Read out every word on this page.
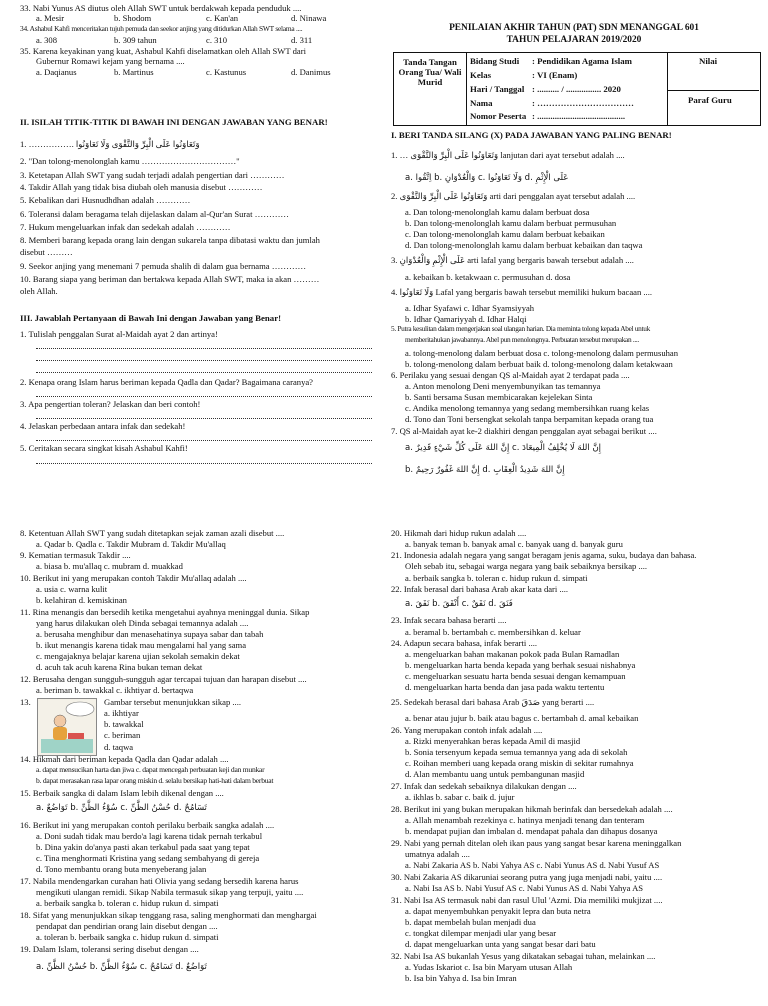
33. Nabi Yunus AS diutus oleh Allah SWT untuk berdakwah kepada penduduk ....
a. Mesir	b. Shodom	c. Kan'an	d. Ninawa
34. Ashabul Kahfi menceritakan tujuh pemuda dan seekor anjing yang ditidurkan Allah SWT selama ....
a. 308	b. 309 tahun	c. 310	d. 311
35. Karena keyakinan yang kuat, Ashabul Kahfi diselamatkan oleh Allah SWT dari
Gubernur Romawi kejam yang bernama ....
a. Daqianus	b. Martinus	c. Kastunus	d. Danimus
II. ISILAH TITIK-TITIK DI BAWAH INI DENGAN JAWABAN YANG BENAR!
1. ……………. وَتَعَاوَنُوا عَلَى الْبِرِّ وَالتَّقْوَى وَلَا تَعَاوَنُوا
2. "Dan tolong-menolonglah kamu ……………………………"
3. Ketetapan Allah SWT yang sudah terjadi adalah pengertian dari …………
4. Takdir Allah yang tidak bisa diubah oleh manusia disebut …………
5. Kebalikan dari Husnudhdhan adalah …………
6. Toleransi dalam beragama telah dijelaskan dalam al-Qur'an Surat …………
7. Hukum mengeluarkan infak dan sedekah adalah …………
8. Memberi barang kepada orang lain dengan sukarela tanpa dibatasi waktu dan jumlah
disebut ………
9. Seekor anjing yang menemani 7 pemuda shalih di dalam gua bernama …………
10. Barang siapa yang beriman dan bertakwa kepada Allah SWT, maka ia akan ………
oleh Allah.
III. Jawablah Pertanyaan di Bawah Ini dengan Jawaban yang Benar!
1. Tulislah penggalan Surat al-Maidah ayat 2 dan artinya!
2. Kenapa orang Islam harus beriman kepada Qadla dan Qadar? Bagaimana caranya?
3. Apa pengertian toleran? Jelaskan dan beri contoh!
4. Jelaskan perbedaan antara infak dan sedekah!
5. Ceritakan secara singkat kisah Ashabul Kahfi!
PENILAIAN AKHIR TAHUN (PAT) SDN MENANGGAL 601
TAHUN PELAJARAN 2019/2020
Tanda Tangan Orang Tua/ Wali Murid
Bidang Studi : Pendidikan Agama Islam
Kelas	: VI (Enam)
Hari / Tanggal : .......... / ................ 2020
Nama	: ……………………………
Nomor Peserta : ........................................
Nilai
Paraf Guru
I. BERI TANDA SILANG (X) PADA JAWABAN YANG PALING BENAR!
1. … وَتَعَاوَنُوا عَلَى الْبِرِّ وَالتَّقْوَى lanjutan dari ayat tersebut adalah ....
a. اِتَّقُوا b. وَالْعُدْوَانِ c. وَلَا تَعَاوَنُوا d. عَلَى الْإِثْمِ
2. وَتَعَاوَنُوا عَلَى الْبِرِّ وَالتَّقْوَى arti dari penggalan ayat tersebut adalah ....
a. Dan tolong-menolonglah kamu dalam berbuat dosa
b. Dan tolong-menolonglah kamu dalam berbuat permusuhan
c. Dan tolong-menolonglah kamu dalam berbuat kebaikan
d. Dan tolong-menolonglah kamu dalam berbuat kebaikan dan taqwa
3. عَلَى الْإِثْمِ وَالْعُدْوَانِ arti lafal yang bergaris bawah tersebut adalah ....
a. kebaikan b. ketakwaan c. permusuhan d. dosa
4. وَلَا تَعَاوَنُوا Lafal yang bergaris bawah tersebut memiliki hukum bacaan ....
a. Idhar Syafawi c. Idhar Syamsiyyah
b. Idhar Qamariyyah d. Idhar Halqi
5. Putra kesulitan dalam mengerjakan soal ulangan harian. Dia meminta tolong kepada Abel untuk
memberitahukan jawabannya. Abel pun menolongnya. Perbuatan tersebut merupakan ....
a. tolong-menolong dalam berbuat dosa c. tolong-menolong dalam permusuhan
b. tolong-menolong dalam berbuat baik d. tolong-menolong dalam ketakwaan
6. Perilaku yang sesuai dengan QS al-Maidah ayat 2 terdapat pada ....
a. Anton menolong Deni menyembunyikan tas temannya
b. Santi bersama Susan membicarakan kejelekan Sinta
c. Andika menolong temannya yang sedang membersihkan ruang kelas
d. Tono dan Toni bersengkat sekolah tanpa berpamitan kepada orang tua
7. QS al-Maidah ayat ke-2 diakhiri dengan penggalan ayat sebagai berikut ....
a. إِنَّ اللهَ عَلَى كُلِّ شَيْءٍ قَدِيرٌ c. إِنَّ اللهَ لَا يُخْلِفُ الْمِيعَادَ
b. إِنَّ اللهَ غَفُورٌ رَحِيمٌ d. إِنَّ اللهَ شَدِيدُ الْعِقَابِ
8. Ketentuan Allah SWT yang sudah ditetapkan sejak zaman azali disebut ....
a. Qadar b. Qadla c. Takdir Mubram d. Takdir Mu'allaq
9. Kematian termasuk Takdir ....
a. biasa b. mu'allaq c. mubram d. muakkad
10. Berikut ini yang merupakan contoh Takdir Mu'allaq adalah ....
a. usia c. warna kulit
b. kelahiran d. kemiskinan
11. Rina menangis dan bersedih ketika mengetahui ayahnya meninggal dunia. Sikap
yang harus dilakukan oleh Dinda sebagai temannya adalah ....
a. berusaha menghibur dan menasehatinya supaya sabar dan tabah
b. ikut menangis karena tidak mau mengalami hal yang sama
c. mengajaknya belajar karena ujian sekolah semakin dekat
d. acuh tak acuh karena Rina bukan teman dekat
12. Berusaha dengan sungguh-sungguh agar tercapai tujuan dan harapan disebut ....
a. beriman b. tawakkal c. ikhtiyar d. bertaqwa
13.	Gambar tersebut menunjukkan sikap ....
a. ikhtiyar
b. tawakkal
c. beriman
d. taqwa
14. Hikmah dari beriman kepada Qadla dan Qadar adalah ....
a. dapat mensucikan harta dan jiwa c. dapat mencegah perbuatan keji dan munkar
b. dapat merasakan rasa lapar orang miskin d. selalu bersikap hati-hati dalam berbuat
15. Berbaik sangka di dalam Islam lebih dikenal dengan ....
a. تَوَاضُعٌ b. سُوْءُ الظَّنِّ c. حُسْنُ الظَّنِّ d. تَسَامُحٌ
16. Berikut ini yang merupakan contoh perilaku berbaik sangka adalah ....
a. Doni sudah tidak mau berdo'a lagi karena tidak pernah terkabul
b. Dina yakin do'anya pasti akan terkabul pada saat yang tepat
c. Tina menghormati Kristina yang sedang sembahyang di gereja
d. Tono membantu orang buta menyeberang jalan
17. Nabila mendengarkan curahan hati Olivia yang sedang bersedih karena harus
mengikuti ulangan remidi. Sikap Nabila termasuk sikap yang terpuji, yaitu ....
a. berbaik sangka b. toleran c. hidup rukun d. simpati
18. Sifat yang menunjukkan sikap tenggang rasa, saling menghormati dan menghargai
pendapat dan pendirian orang lain disebut dengan ....
a. toleran b. berbaik sangka c. hidup rukun d. simpati
19. Dalam Islam, toleransi sering disebut dengan ....
a. حُسْنُ الظَّنِّ b. سُوْءُ الظَّنِّ c. تَسَامُحٌ d. تَوَاضُعٌ
20. Hikmah dari hidup rukun adalah ....
a. banyak teman b. banyak amal c. banyak uang d. banyak guru
21. Indonesia adalah negara yang sangat beragam jenis agama, suku, budaya dan bahasa.
Oleh sebab itu, sebagai warga negara yang baik sebaiknya bersikap ....
a. berbaik sangka b. toleran c. hidup rukun d. simpati
22. Infak berasal dari bahasa Arab akar kata dari ....
a. نَفَقَ b. أَنْفَقَ c. نَفَقٌ d. فَنَقَ
23. Infak secara bahasa berarti ....
a. beramal b. bertambah c. membersihkan d. keluar
24. Adapun secara bahasa, infak berarti ....
a. mengeluarkan bahan makanan pokok pada Bulan Ramadlan
b. mengeluarkan harta benda kepada yang berhak sesuai nishabnya
c. mengeluarkan sesuatu harta benda sesuai dengan kemampuan
d. mengeluarkan harta benda dan jasa pada waktu tertentu
25. Sedekah berasal dari bahasa Arab صَدَقَ yang berarti ....
a. benar atau jujur b. baik atau bagus c. bertambah d. amal kebaikan
26. Yang merupakan contoh infak adalah ....
a. Rizki menyerahkan beras kepada Amil di masjid
b. Sonia tersenyum kepada semua temannya yang ada di sekolah
c. Roihan memberi uang kepada orang miskin di sekitar rumahnya
d. Alan membantu uang untuk pembangunan masjid
27. Infak dan sedekah sebaiknya dilakukan dengan ....
a. ikhlas b. sabar c. baik d. jujur
28. Berikut ini yang bukan merupakan hikmah berinfak dan bersedekah adalah ....
a. Allah menambah rezekinya c. hatinya menjadi tenang dan tenteram
b. mendapat pujian dan imbalan d. mendapat pahala dan dihapus dosanya
29. Nabi yang pernah ditelan oleh ikan paus yang sangat besar karena meninggalkan
umatnya adalah ....
a. Nabi Zakaria AS b. Nabi Yahya AS c. Nabi Yunus AS d. Nabi Yusuf AS
30. Nabi Zakaria AS dikaruniai seorang putra yang juga menjadi nabi, yaitu ....
a. Nabi Isa AS b. Nabi Yusuf AS c. Nabi Yunus AS d. Nabi Yahya AS
31. Nabi Isa AS termasuk nabi dan rasul Ulul 'Azmi. Dia memiliki mukjizat ....
a. dapat menyembuhkan penyakit lepra dan buta netra
b. dapat membelah bulan menjadi dua
c. tongkat dilempar menjadi ular yang besar
d. dapat mengeluarkan unta yang sangat besar dari batu
32. Nabi Isa AS bukanlah Yesus yang dikatakan sebagai tuhan, melainkan ....
a. Yudas Iskariot c. Isa bin Maryam utusan Allah
b. Isa bin Yahya d. Isa bin Imran
